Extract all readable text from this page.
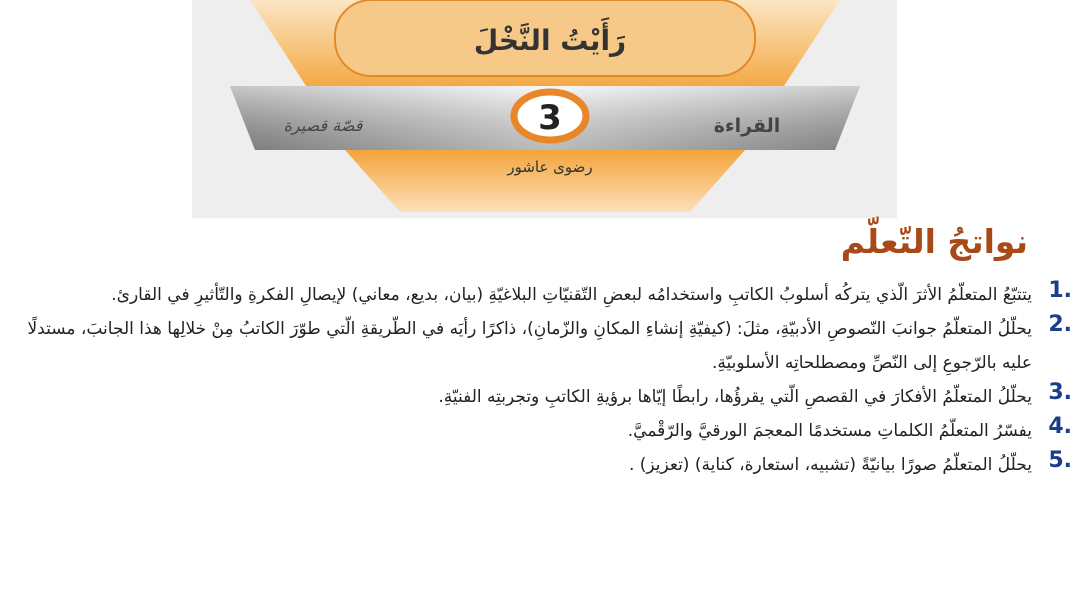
رَأَيْتُ النَّخْلَ
القراءة
قصّة قصيرة	3
رضوى عاشور
نواتجُ التّعلّم
1.
يتتبّعُ المتعلّمُ الأثرَ الّذي يتركُه أسلوبُ الكاتبِ واستخدامُه لبعضِ التّقنيّاتِ البلاغيّةِ (بيان، بديع، معاني) لإيصالِ الفكرةِ والتّأثيرِ في القارئ.
2.
يحلّلُ المتعلّمُ جوانبَ النّصوصِ الأدبيّةِ، مثلَ: (كيفيّةِ إنشاءِ المكانِ والزّمانِ)، ذاكرًا رأيَه في الطّريقةِ الّتي طوّرَ الكاتبُ مِنْ خلالِها هذا الجانبَ، مستدلًا عليه بالرّجوعِ إلى النّصِّ ومصطلحاتِه الأسلوبيّةِ.
3.
يحلّلُ المتعلّمُ الأفكارَ في القصصِ الّتي يقرؤُها، رابطًا إيّاها برؤيةِ الكاتبِ وتجربتِه الفنيّةِ.
4.
يفسّرُ المتعلّمُ الكلماتِ مستخدمًا المعجمَ الورقيَّ والرّقْميَّ.
5.
يحلّلُ المتعلّمُ صورًا بيانيّةً (تشبيه، استعارة، كناية) (تعزيز) .
